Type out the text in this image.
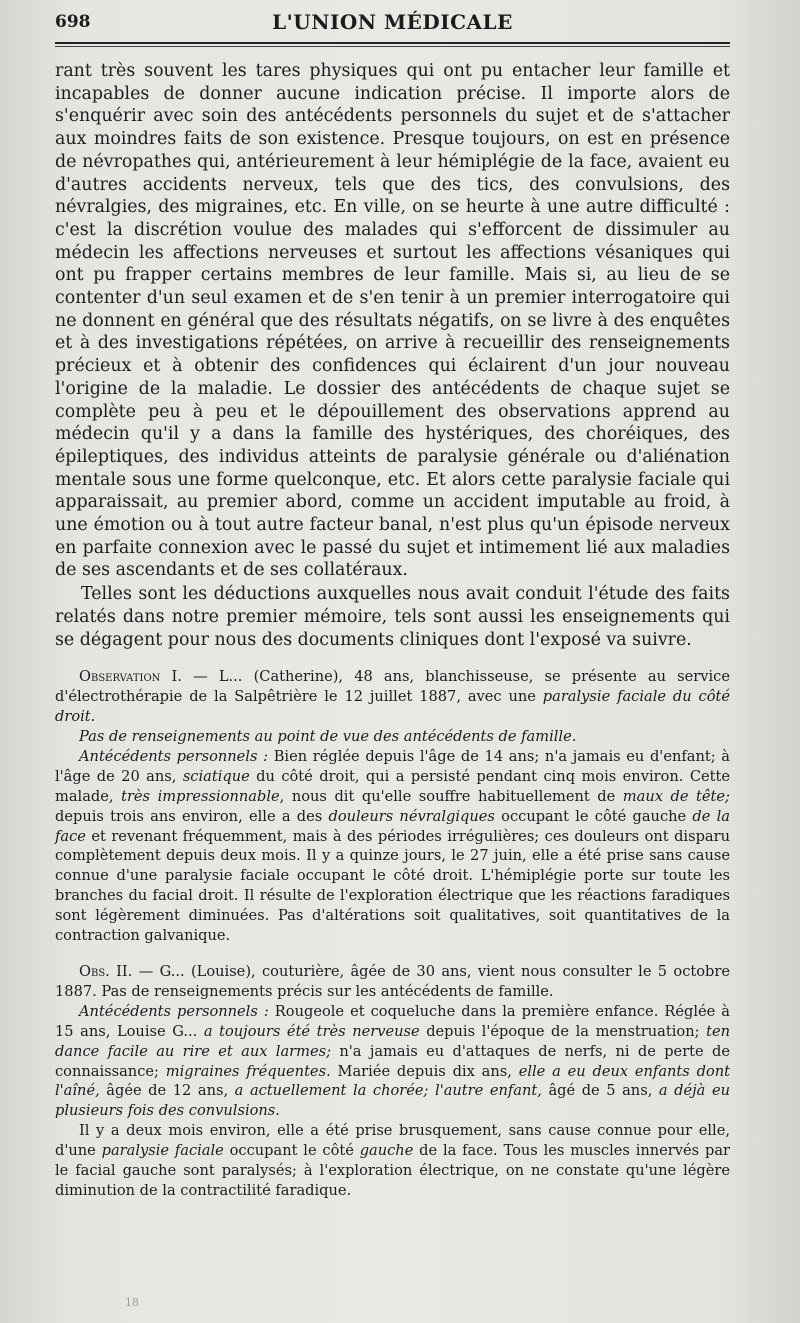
698	L'UNION MÉDICALE

rant très souvent les tares physiques qui ont pu entacher leur famille et incapables de donner aucune indication précise. Il importe alors de s'enquérir avec soin des antécédents personnels du sujet et de s'attacher aux moindres faits de son existence. Presque toujours, on est en présence de névropathes qui, antérieurement à leur hémiplégie de la face, avaient eu d'autres accidents nerveux, tels que des tics, des convulsions, des névralgies, des migraines, etc. En ville, on se heurte à une autre difficulté : c'est la discrétion voulue des malades qui s'efforcent de dissimuler au médecin les affections nerveuses et surtout les affections vésaniques qui ont pu frapper certains membres de leur famille. Mais si, au lieu de se contenter d'un seul examen et de s'en tenir à un premier interrogatoire qui ne donnent en général que des résultats négatifs, on se livre à des enquêtes et à des investigations répétées, on arrive à recueillir des renseignements précieux et à obtenir des confidences qui éclairent d'un jour nouveau l'origine de la maladie. Le dossier des antécédents de chaque sujet se complète peu à peu et le dépouillement des observations apprend au médecin qu'il y a dans la famille des hystériques, des choréiques, des épileptiques, des individus atteints de paralysie générale ou d'aliénation mentale sous une forme quelconque, etc. Et alors cette paralysie faciale qui apparaissait, au premier abord, comme un accident imputable au froid, à une émotion ou à tout autre facteur banal, n'est plus qu'un épisode nerveux en parfaite connexion avec le passé du sujet et intimement lié aux maladies de ses ascendants et de ses collatéraux.

Telles sont les déductions auxquelles nous avait conduit l'étude des faits relatés dans notre premier mémoire, tels sont aussi les enseignements qui se dégagent pour nous des documents cliniques dont l'exposé va suivre.

Observation I. — L... (Catherine), 48 ans, blanchisseuse, se présente au service d'électrothérapie de la Salpêtrière le 12 juillet 1887, avec une paralysie faciale du côté droit.

Pas de renseignements au point de vue des antécédents de famille.

Antécédents personnels : Bien réglée depuis l'âge de 14 ans; n'a jamais eu d'enfant; à l'âge de 20 ans, sciatique du côté droit, qui a persisté pendant cinq mois environ. Cette malade, très impressionnable, nous dit qu'elle souffre habituellement de maux de tête; depuis trois ans environ, elle a des douleurs névralgiques occupant le côté gauche de la face et revenant fréquemment, mais à des périodes irrégulières; ces douleurs ont disparu complètement depuis deux mois. Il y a quinze jours, le 27 juin, elle a été prise sans cause connue d'une paralysie faciale occupant le côté droit. L'hémiplégie porte sur toute les branches du facial droit. Il résulte de l'exploration électrique que les réactions faradiques sont légèrement diminuées. Pas d'altérations soit qualitatives, soit quantitatives de la contraction galvanique.

Obs. II. — G... (Louise), couturière, âgée de 30 ans, vient nous consulter le 5 octobre 1887. Pas de renseignements précis sur les antécédents de famille.

Antécédents personnels : Rougeole et coqueluche dans la première enfance. Réglée à 15 ans, Louise G... a toujours été très nerveuse depuis l'époque de la menstruation; ten dance facile au rire et aux larmes; n'a jamais eu d'attaques de nerfs, ni de perte de connaissance; migraines fréquentes. Mariée depuis dix ans, elle a eu deux enfants dont l'aîné, âgée de 12 ans, a actuellement la chorée; l'autre enfant, âgé de 5 ans, a déjà eu plusieurs fois des convulsions.

Il y a deux mois environ, elle a été prise brusquement, sans cause connue pour elle, d'une paralysie faciale occupant le côté gauche de la face. Tous les muscles innervés par le facial gauche sont paralysés; à l'exploration électrique, on ne constate qu'une légère diminution de la contractilité faradique.

18
